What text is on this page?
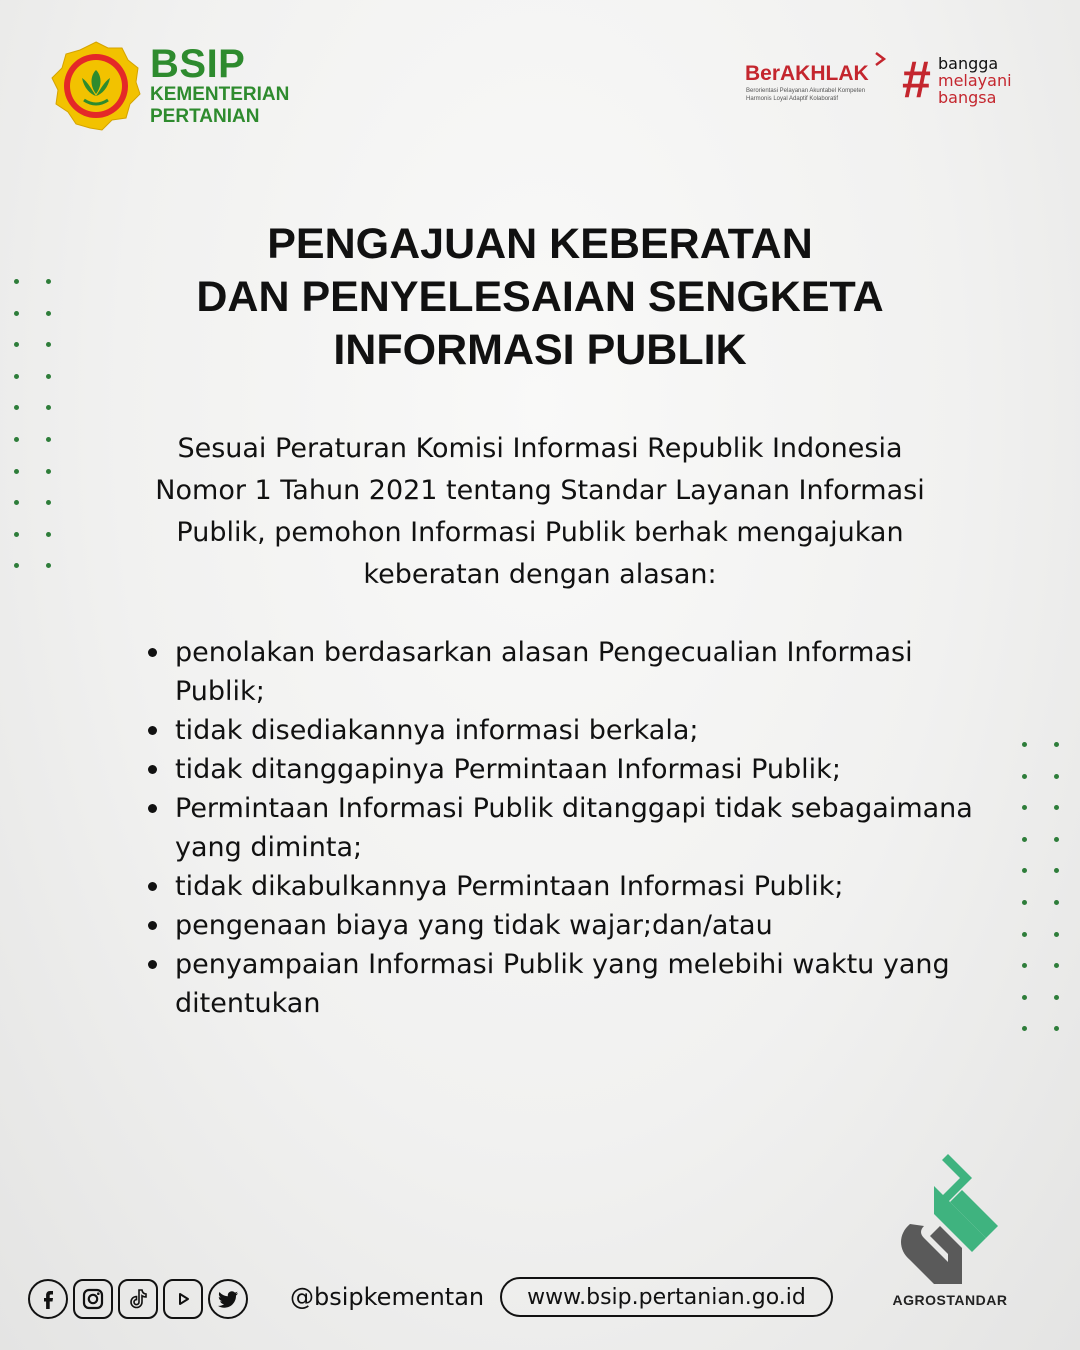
BSIP
KEMENTERIAN
PERTANIAN
BerAKHLAK
Berorientasi Pelayanan Akuntabel Kompeten
Harmonis Loyal Adaptif Kolaboratif # bangga
melayani
bangsa
PENGAJUAN KEBERATAN
DAN PENYELESAIAN SENGKETA
INFORMASI PUBLIK
Sesuai Peraturan Komisi Informasi Republik Indonesia
Nomor 1 Tahun 2021 tentang Standar Layanan Informasi
Publik, pemohon Informasi Publik berhak mengajukan
keberatan dengan alasan:
penolakan berdasarkan alasan Pengecualian Informasi Publik;
tidak disediakannya informasi berkala;
tidak ditanggapinya Permintaan Informasi Publik;
Permintaan Informasi Publik ditanggapi tidak sebagaimana yang diminta;
tidak dikabulkannya Permintaan Informasi Publik;
pengenaan biaya yang tidak wajar;dan/atau
penyampaian Informasi Publik yang melebihi waktu yang  ditentukan
@bsipkementan	www.bsip.pertanian.go.id	AGROSTANDAR
